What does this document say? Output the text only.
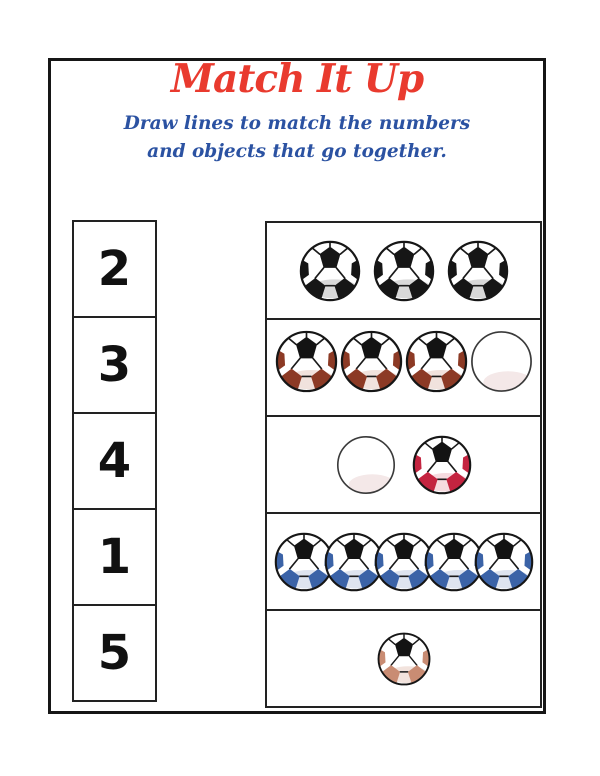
Match It Up
Draw lines to match the numbers
and objects that go together.
2
3
4
1
5
